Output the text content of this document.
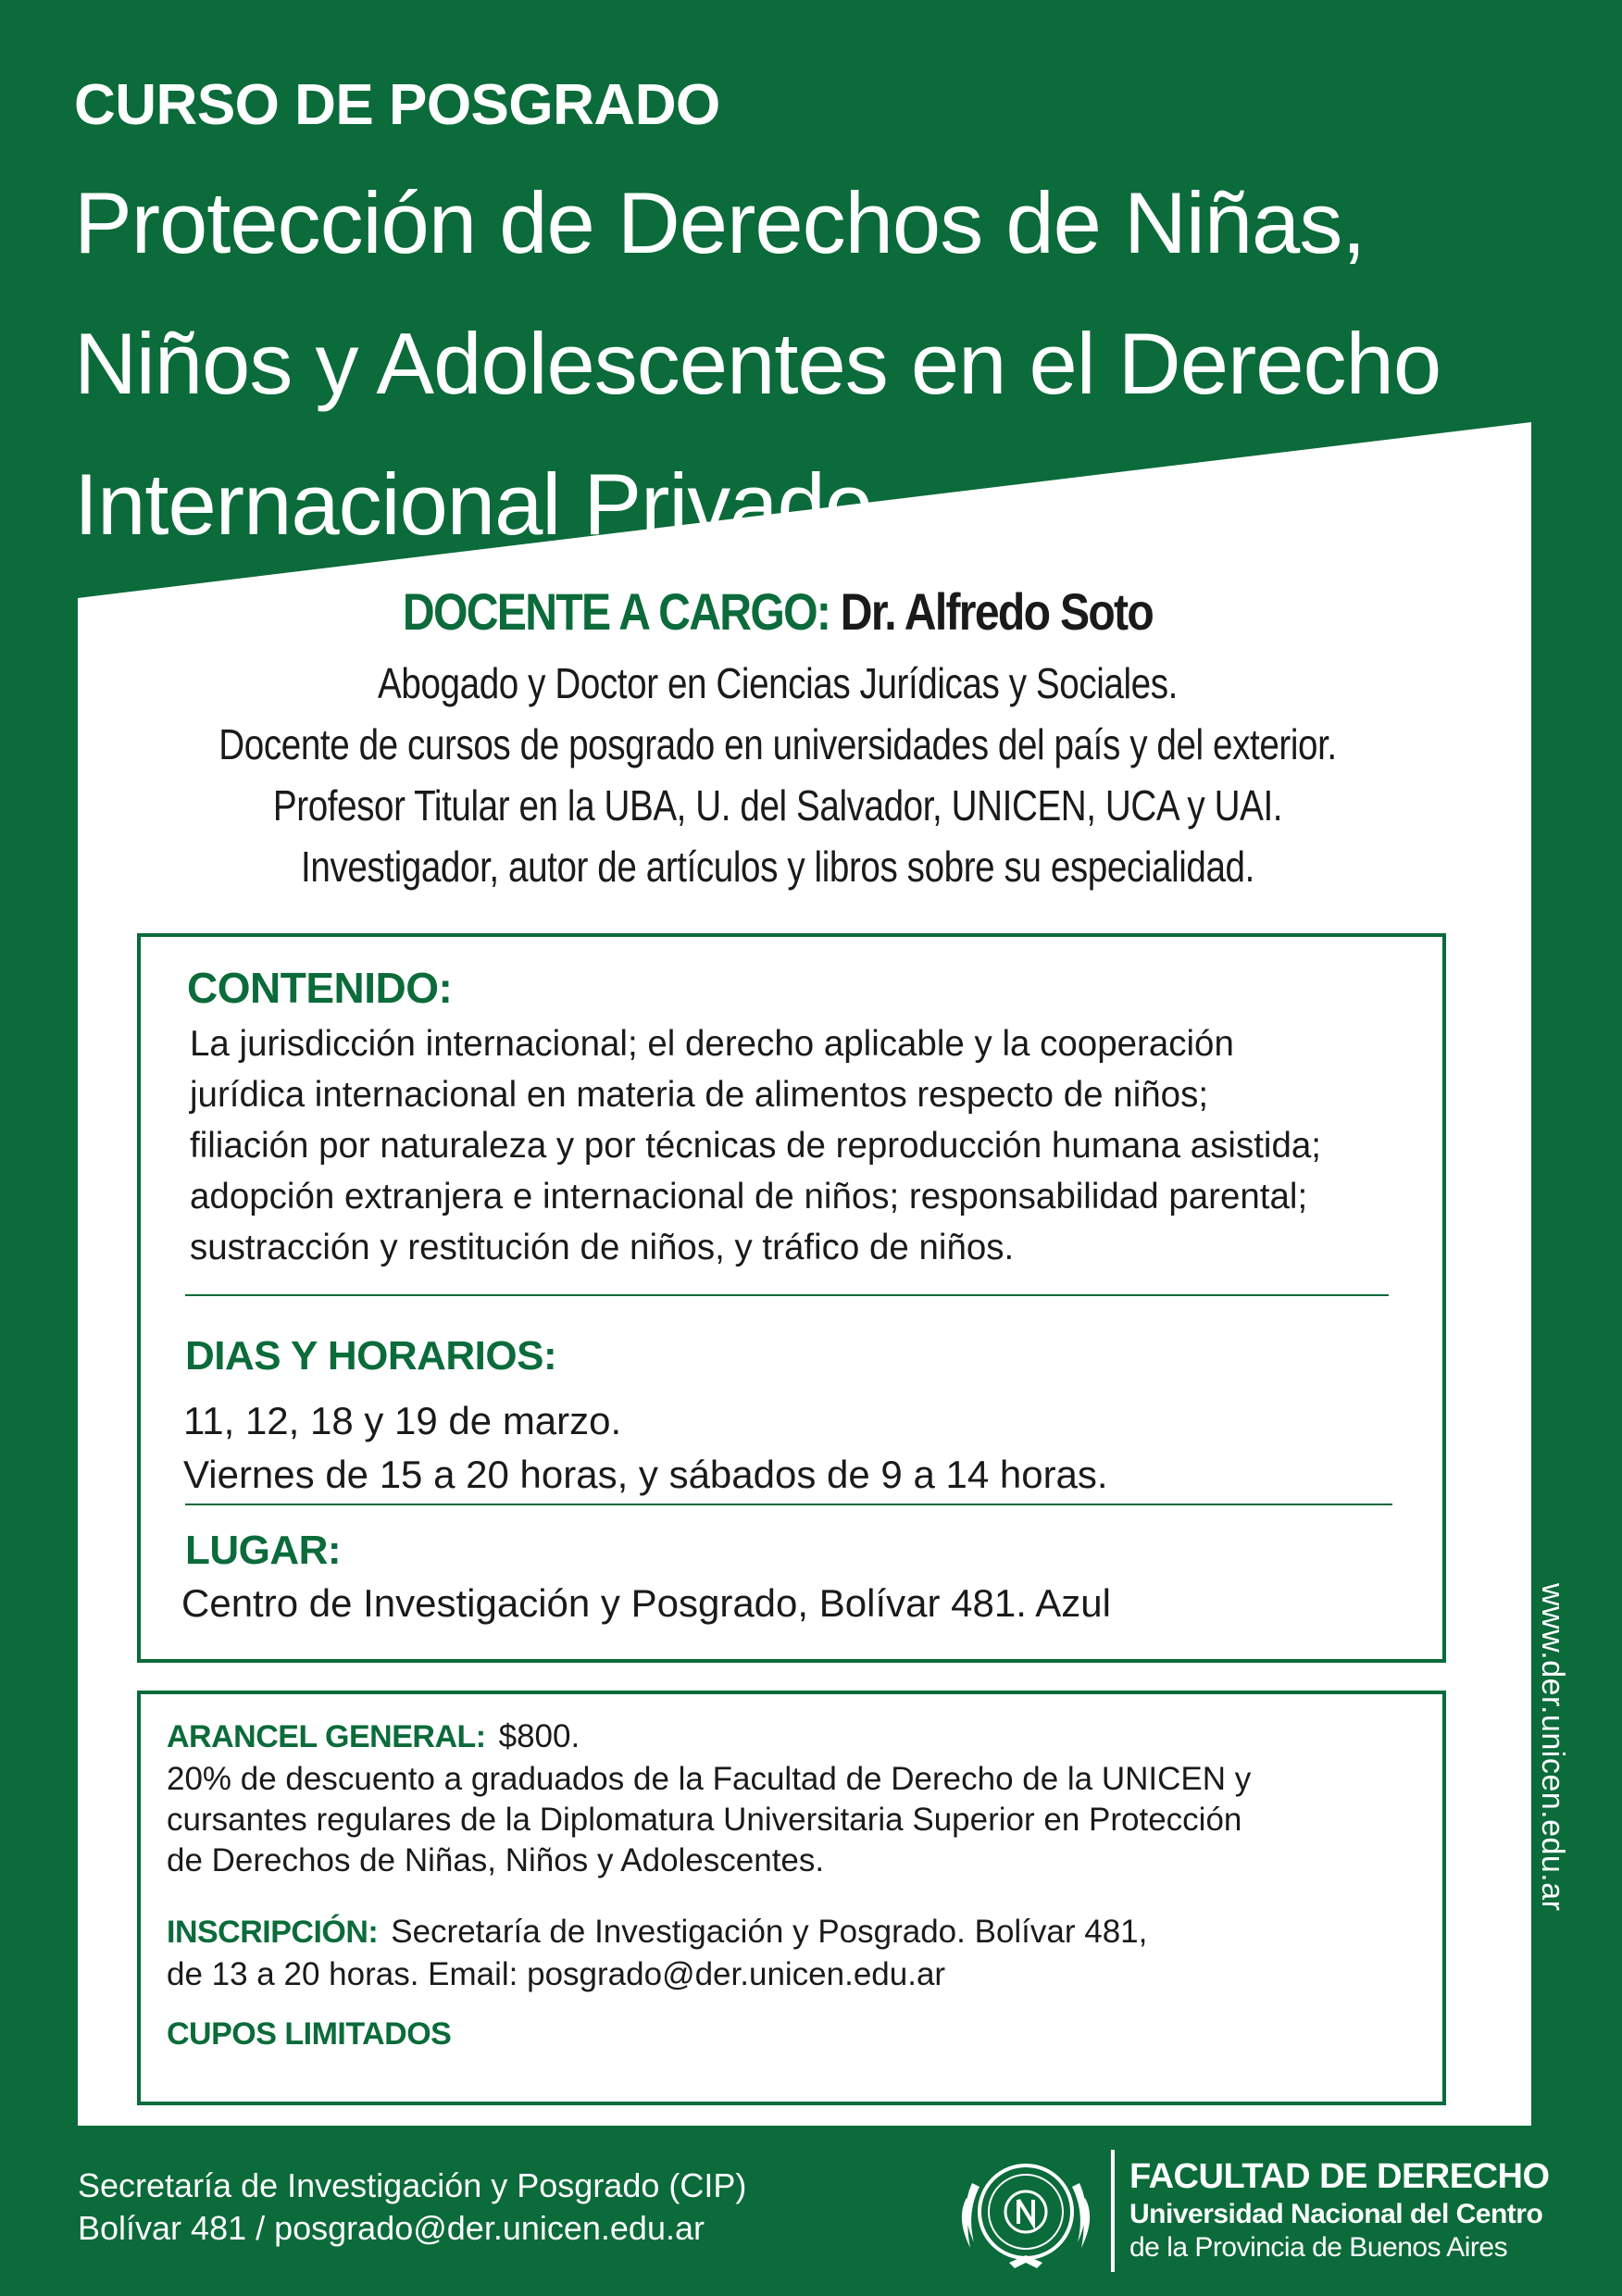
CURSO DE POSGRADO
Protección de Derechos de Niñas,
Niños y Adolescentes en el Derecho
Internacional Privado
DOCENTE A CARGO: Dr. Alfredo Soto
Abogado y Doctor en Ciencias Jurídicas y Sociales.
Docente de cursos de posgrado en universidades del país y del exterior.
Profesor Titular en la UBA, U. del Salvador, UNICEN, UCA y UAI.
Investigador, autor de artículos y libros sobre su especialidad.
CONTENIDO:
La jurisdicción internacional; el derecho aplicable y la cooperación
jurídica internacional en materia de alimentos respecto de niños;
filiación por naturaleza y por técnicas de reproducción humana asistida;
adopción extranjera e internacional de niños; responsabilidad parental;
sustracción y restitución de niños, y tráfico de niños.
DIAS Y HORARIOS:
11, 12, 18 y 19 de marzo.
Viernes de 15 a 20 horas, y sábados de 9 a 14 horas.
LUGAR:
Centro de Investigación y Posgrado, Bolívar 481. Azul
ARANCEL GENERAL: $800.
20% de descuento a graduados de la Facultad de Derecho de la UNICEN y
cursantes regulares de la Diplomatura Universitaria Superior en Protección
de Derechos de Niñas, Niños y Adolescentes.
INSCRIPCIÓN: Secretaría de Investigación y Posgrado. Bolívar 481,
de 13 a 20 horas. Email: posgrado@der.unicen.edu.ar
CUPOS LIMITADOS
www.der.unicen.edu.ar
Secretaría de Investigación y Posgrado (CIP)
Bolívar 481 / posgrado@der.unicen.edu.ar
FACULTAD DE DERECHO
Universidad Nacional del Centro
de la Provincia de Buenos Aires
